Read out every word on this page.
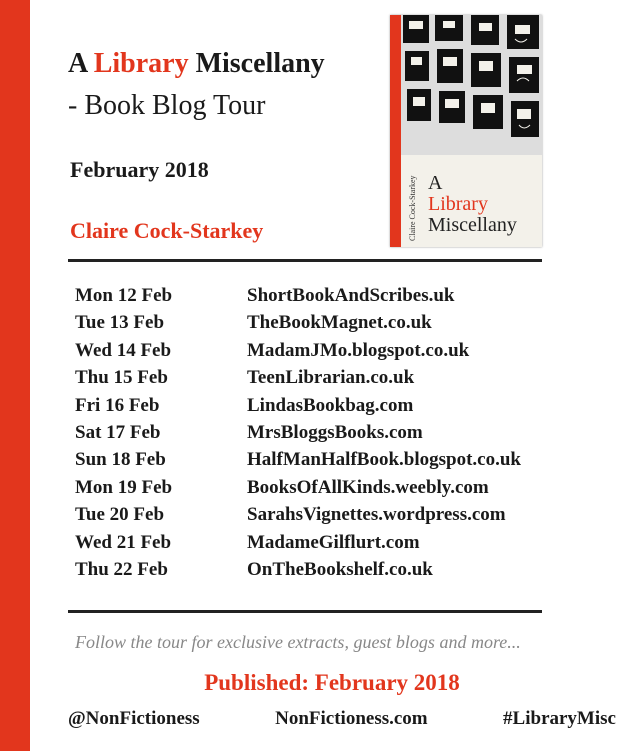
A Library Miscellany
- Book Blog Tour
February 2018
Claire Cock-Starkey
A
Library
Miscellany
Claire Cock-Starkey
Mon 12 Feb	ShortBookAndScribes.uk
Tue 13 Feb	TheBookMagnet.co.uk
Wed 14 Feb	MadamJMo.blogspot.co.uk
Thu 15 Feb	TeenLibrarian.co.uk
Fri 16 Feb	LindasBookbag.com
Sat 17 Feb	MrsBloggsBooks.com
Sun 18 Feb	HalfManHalfBook.blogspot.co.uk
Mon 19 Feb	BooksOfAllKinds.weebly.com
Tue 20 Feb	SarahsVignettes.wordpress.com
Wed 21 Feb	MadameGilflurt.com
Thu 22 Feb	OnTheBookshelf.co.uk
Follow the tour for exclusive extracts, guest blogs and more...
Published: February 2018
@NonFictioness	NonFictioness.com	#LibraryMisc
